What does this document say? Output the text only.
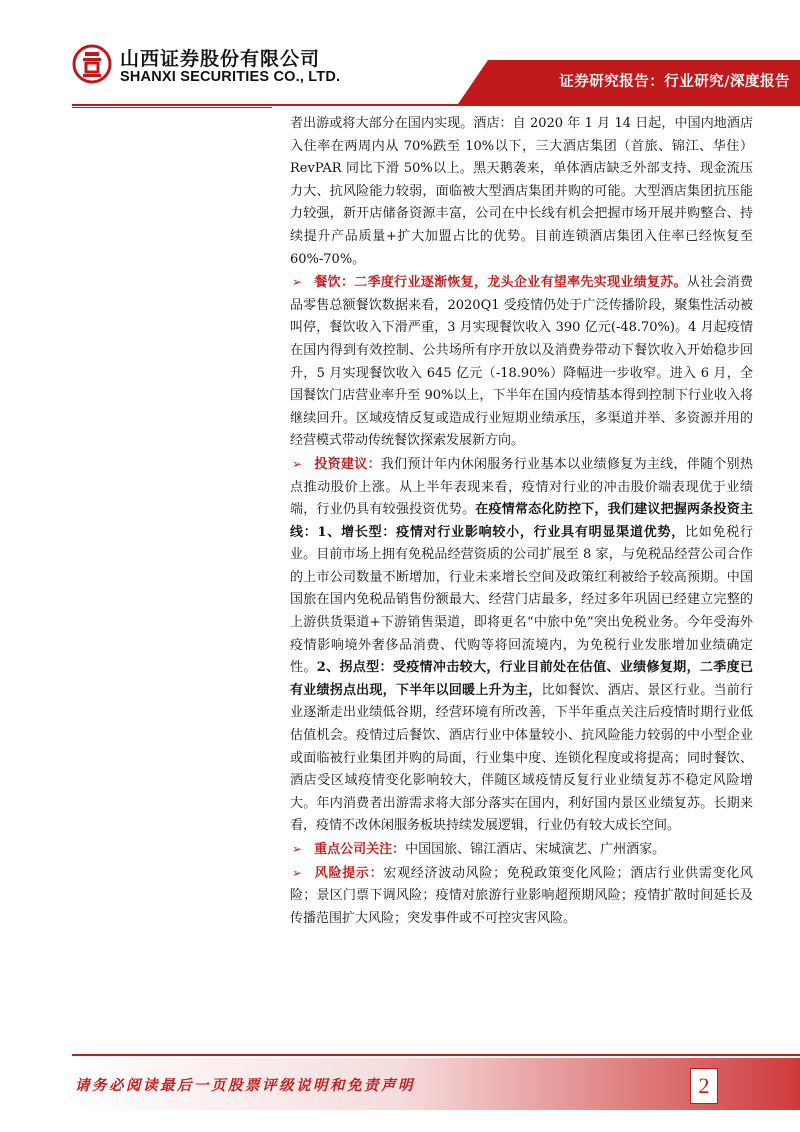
山西证券股份有限公司
SHANXI SECURITIES CO., LTD.	证券研究报告：行业研究/深度报告

者出游或将大部分在国内实现。酒店：自 2020 年 1 月 14 日起，中国内地酒店入住率在两周内从 70%跌至 10%以下，三大酒店集团（首旅、锦江、华住）RevPAR 同比下滑 50%以上。黑天鹅袭来，单体酒店缺乏外部支持、现金流压力大、抗风险能力较弱，面临被大型酒店集团并购的可能。大型酒店集团抗压能力较强，新开店储备资源丰富，公司在中长线有机会把握市场开展并购整合、持续提升产品质量+扩大加盟占比的优势。目前连锁酒店集团入住率已经恢复至 60%-70%。

➢ 餐饮：二季度行业逐渐恢复，龙头企业有望率先实现业绩复苏。从社会消费品零售总额餐饮数据来看，2020Q1 受疫情仍处于广泛传播阶段，聚集性活动被叫停，餐饮收入下滑严重，3 月实现餐饮收入 390 亿元(-48.70%)。4 月起疫情在国内得到有效控制、公共场所有序开放以及消费券带动下餐饮收入开始稳步回升，5 月实现餐饮收入 645 亿元（-18.90%）降幅进一步收窄。进入 6 月，全国餐饮门店营业率升至 90%以上，下半年在国内疫情基本得到控制下行业收入将继续回升。区域疫情反复或造成行业短期业绩承压，多渠道并举、多资源并用的经营模式带动传统餐饮探索发展新方向。

➢ 投资建议：我们预计年内休闲服务行业基本以业绩修复为主线，伴随个别热点推动股价上涨。从上半年表现来看，疫情对行业的冲击股价端表现优于业绩端，行业仍具有较强投资优势。在疫情常态化防控下，我们建议把握两条投资主线：1、增长型：疫情对行业影响较小，行业具有明显渠道优势，比如免税行业。目前市场上拥有免税品经营资质的公司扩展至 8 家，与免税品经营公司合作的上市公司数量不断增加，行业未来增长空间及政策红利被给予较高预期。中国国旅在国内免税品销售份额最大、经营门店最多，经过多年巩固已经建立完整的上游供货渠道+下游销售渠道，即将更名“中旅中免”突出免税业务。今年受海外疫情影响境外奢侈品消费、代购等将回流境内，为免税行业发胀增加业绩确定性。2、拐点型：受疫情冲击较大，行业目前处在估值、业绩修复期，二季度已有业绩拐点出现，下半年以回暖上升为主，比如餐饮、酒店、景区行业。当前行业逐渐走出业绩低谷期，经营环境有所改善，下半年重点关注后疫情时期行业低估值机会。疫情过后餐饮、酒店行业中体量较小、抗风险能力较弱的中小型企业或面临被行业集团并购的局面，行业集中度、连锁化程度或将提高；同时餐饮、酒店受区域疫情变化影响较大，伴随区域疫情反复行业业绩复苏不稳定风险增大。年内消费者出游需求将大部分落实在国内，利好国内景区业绩复苏。长期来看，疫情不改休闲服务板块持续发展逻辑，行业仍有较大成长空间。

➢ 重点公司关注：中国国旅、锦江酒店、宋城演艺、广州酒家。

➢ 风险提示：宏观经济波动风险；免税政策变化风险；酒店行业供需变化风险；景区门票下调风险；疫情对旅游行业影响超预期风险；疫情扩散时间延长及传播范围扩大风险；突发事件或不可控灾害风险。

请务必阅读最后一页股票评级说明和免责声明	2
